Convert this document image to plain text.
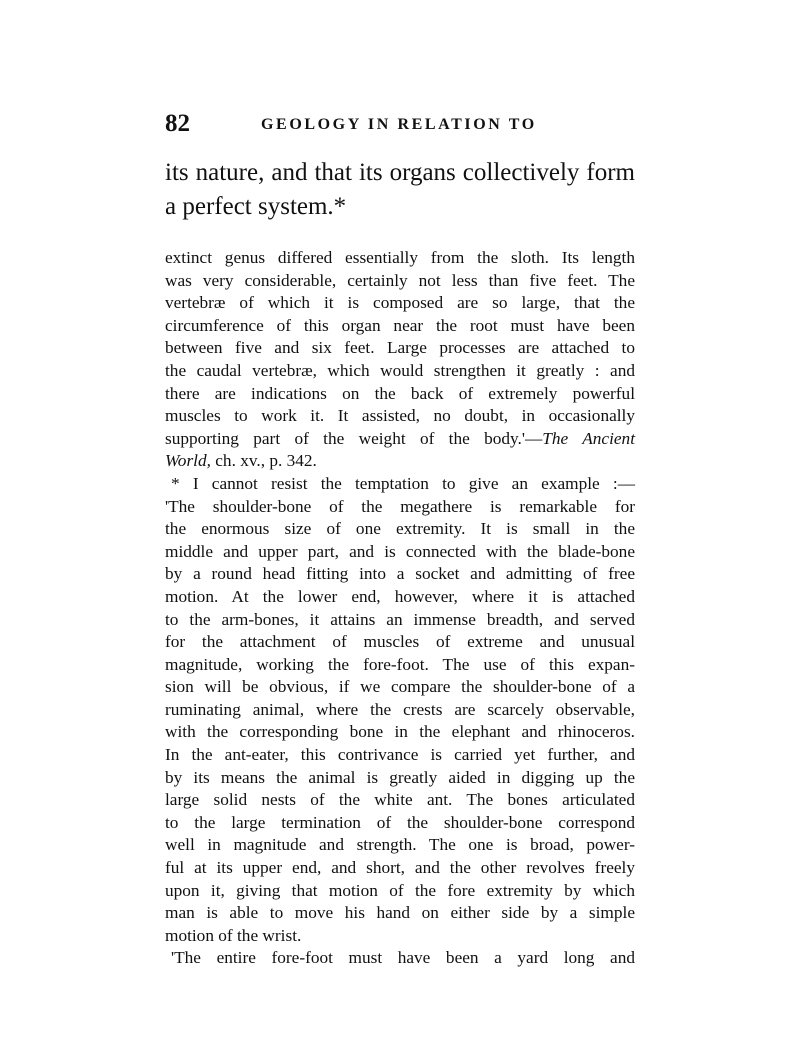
82	GEOLOGY IN RELATION TO
its nature, and that its organs collectively form
a perfect system.*
extinct genus differed essentially from the sloth. Its length
was very considerable, certainly not less than five feet. The
vertebræ of which it is composed are so large, that the
circumference of this organ near the root must have been
between five and six feet. Large processes are attached to
the caudal vertebræ, which would strengthen it greatly : and
there are indications on the back of extremely powerful
muscles to work it. It assisted, no doubt, in occasionally
supporting part of the weight of the body.'—The Ancient
World, ch. xv., p. 342.
* I cannot resist the temptation to give an example :—
'The shoulder-bone of the megathere is remarkable for
the enormous size of one extremity. It is small in the
middle and upper part, and is connected with the blade-bone
by a round head fitting into a socket and admitting of free
motion. At the lower end, however, where it is attached
to the arm-bones, it attains an immense breadth, and served
for the attachment of muscles of extreme and unusual
magnitude, working the fore-foot. The use of this expan-
sion will be obvious, if we compare the shoulder-bone of a
ruminating animal, where the crests are scarcely observable,
with the corresponding bone in the elephant and rhinoceros.
In the ant-eater, this contrivance is carried yet further, and
by its means the animal is greatly aided in digging up the
large solid nests of the white ant. The bones articulated
to the large termination of the shoulder-bone correspond
well in magnitude and strength. The one is broad, power-
ful at its upper end, and short, and the other revolves freely
upon it, giving that motion of the fore extremity by which
man is able to move his hand on either side by a simple
motion of the wrist.
'The entire fore-foot must have been a yard long and
